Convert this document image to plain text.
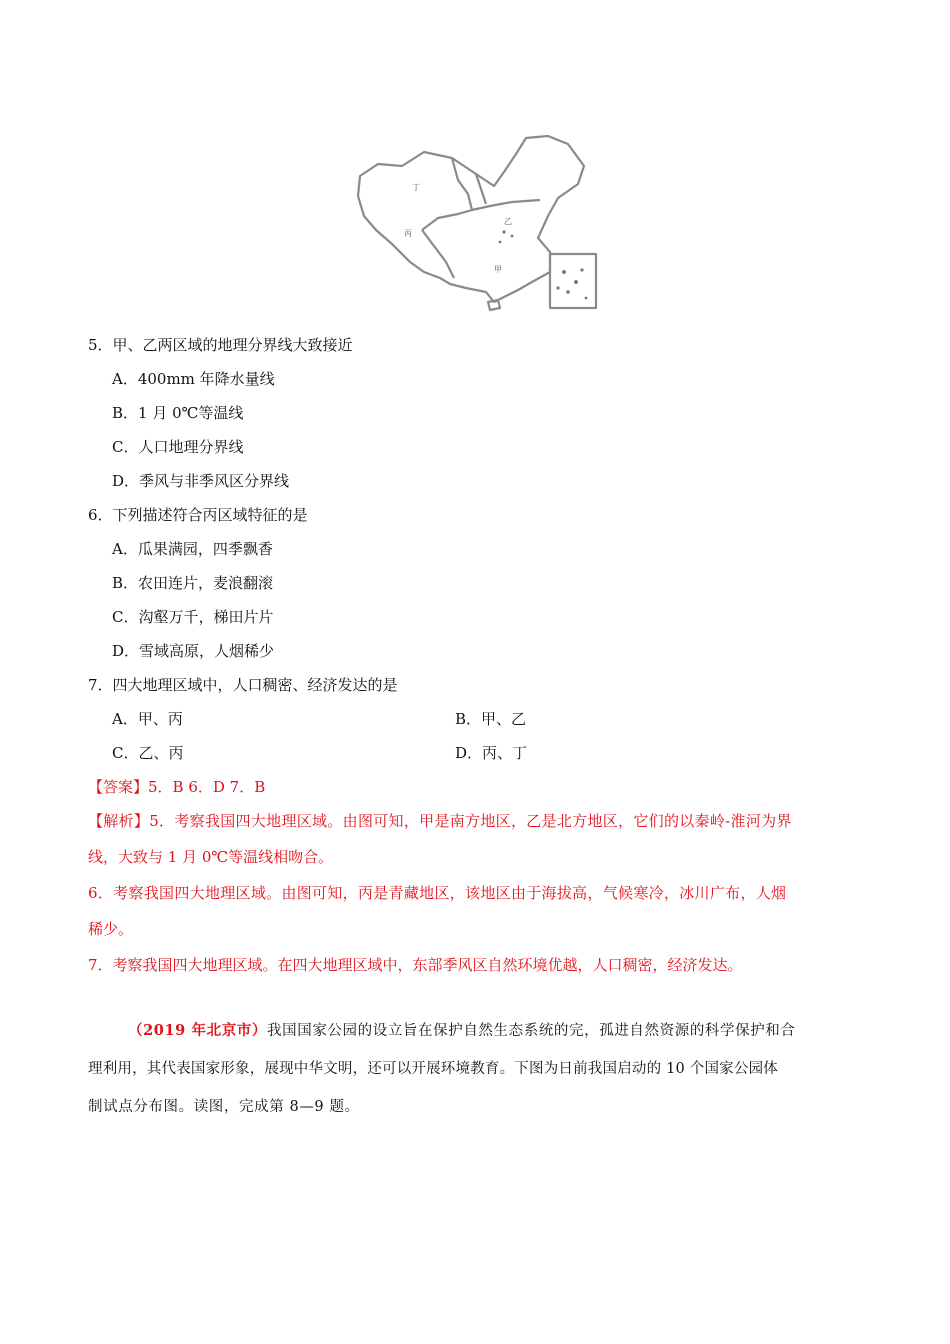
甲
乙
丙
丁
5．甲、乙两区域的地理分界线大致接近
A．400mm 年降水量线
B．1 月 0℃等温线
C．人口地理分界线
D．季风与非季风区分界线
6．下列描述符合丙区域特征的是
A．瓜果满园，四季飘香
B．农田连片，麦浪翻滚
C．沟壑万千，梯田片片
D．雪域高原，人烟稀少
7．四大地理区域中，人口稠密、经济发达的是
A．甲、丙	B．甲、乙
C．乙、丙	D．丙、丁
【答案】5．B 6．D 7．B
【解析】5．考察我国四大地理区域。由图可知，甲是南方地区，乙是北方地区，它们的以秦岭-淮河为界
线，大致与 1 月 0℃等温线相吻合。
6．考察我国四大地理区域。由图可知，丙是青藏地区，该地区由于海拔高，气候寒冷，冰川广布，人烟
稀少。
7．考察我国四大地理区域。在四大地理区域中，东部季风区自然环境优越，人口稠密，经济发达。
（2019 年北京市）我国国家公园的设立旨在保护自然生态系统的完，孤进自然资源的科学保护和合
理利用，其代表国家形象，展现中华文明，还可以开展环境教育。下图为日前我国启动的 10 个国家公园体
制试点分布图。读图，完成第 8—9 题。
